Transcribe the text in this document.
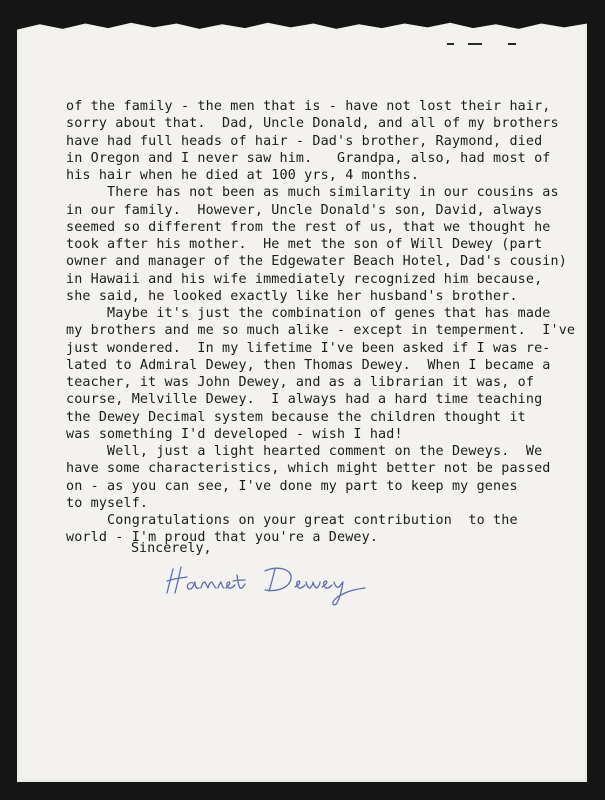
of the family - the men that is - have not lost their hair,
sorry about that.  Dad, Uncle Donald, and all of my brothers
have had full heads of hair - Dad's brother, Raymond, died
in Oregon and I never saw him.   Grandpa, also, had most of
his hair when he died at 100 yrs, 4 months.
There has not been as much similarity in our cousins as
in our family.  However, Uncle Donald's son, David, always
seemed so different from the rest of us, that we thought he
took after his mother.  He met the son of Will Dewey (part
owner and manager of the Edgewater Beach Hotel, Dad's cousin)
in Hawaii and his wife immediately recognized him because,
she said, he looked exactly like her husband's brother.
Maybe it's just the combination of genes that has made
my brothers and me so much alike - except in temperment.  I've
just wondered.  In my lifetime I've been asked if I was re-
lated to Admiral Dewey, then Thomas Dewey.  When I became a
teacher, it was John Dewey, and as a librarian it was, of
course, Melville Dewey.  I always had a hard time teaching
the Dewey Decimal system because the children thought it
was something I'd developed - wish I had!
Well, just a light hearted comment on the Deweys.  We
have some characteristics, which might better not be passed
on - as you can see, I've done my part to keep my genes
to myself.
Congratulations on your great contribution  to the
world - I'm proud that you're a Dewey.
Sincerely,
